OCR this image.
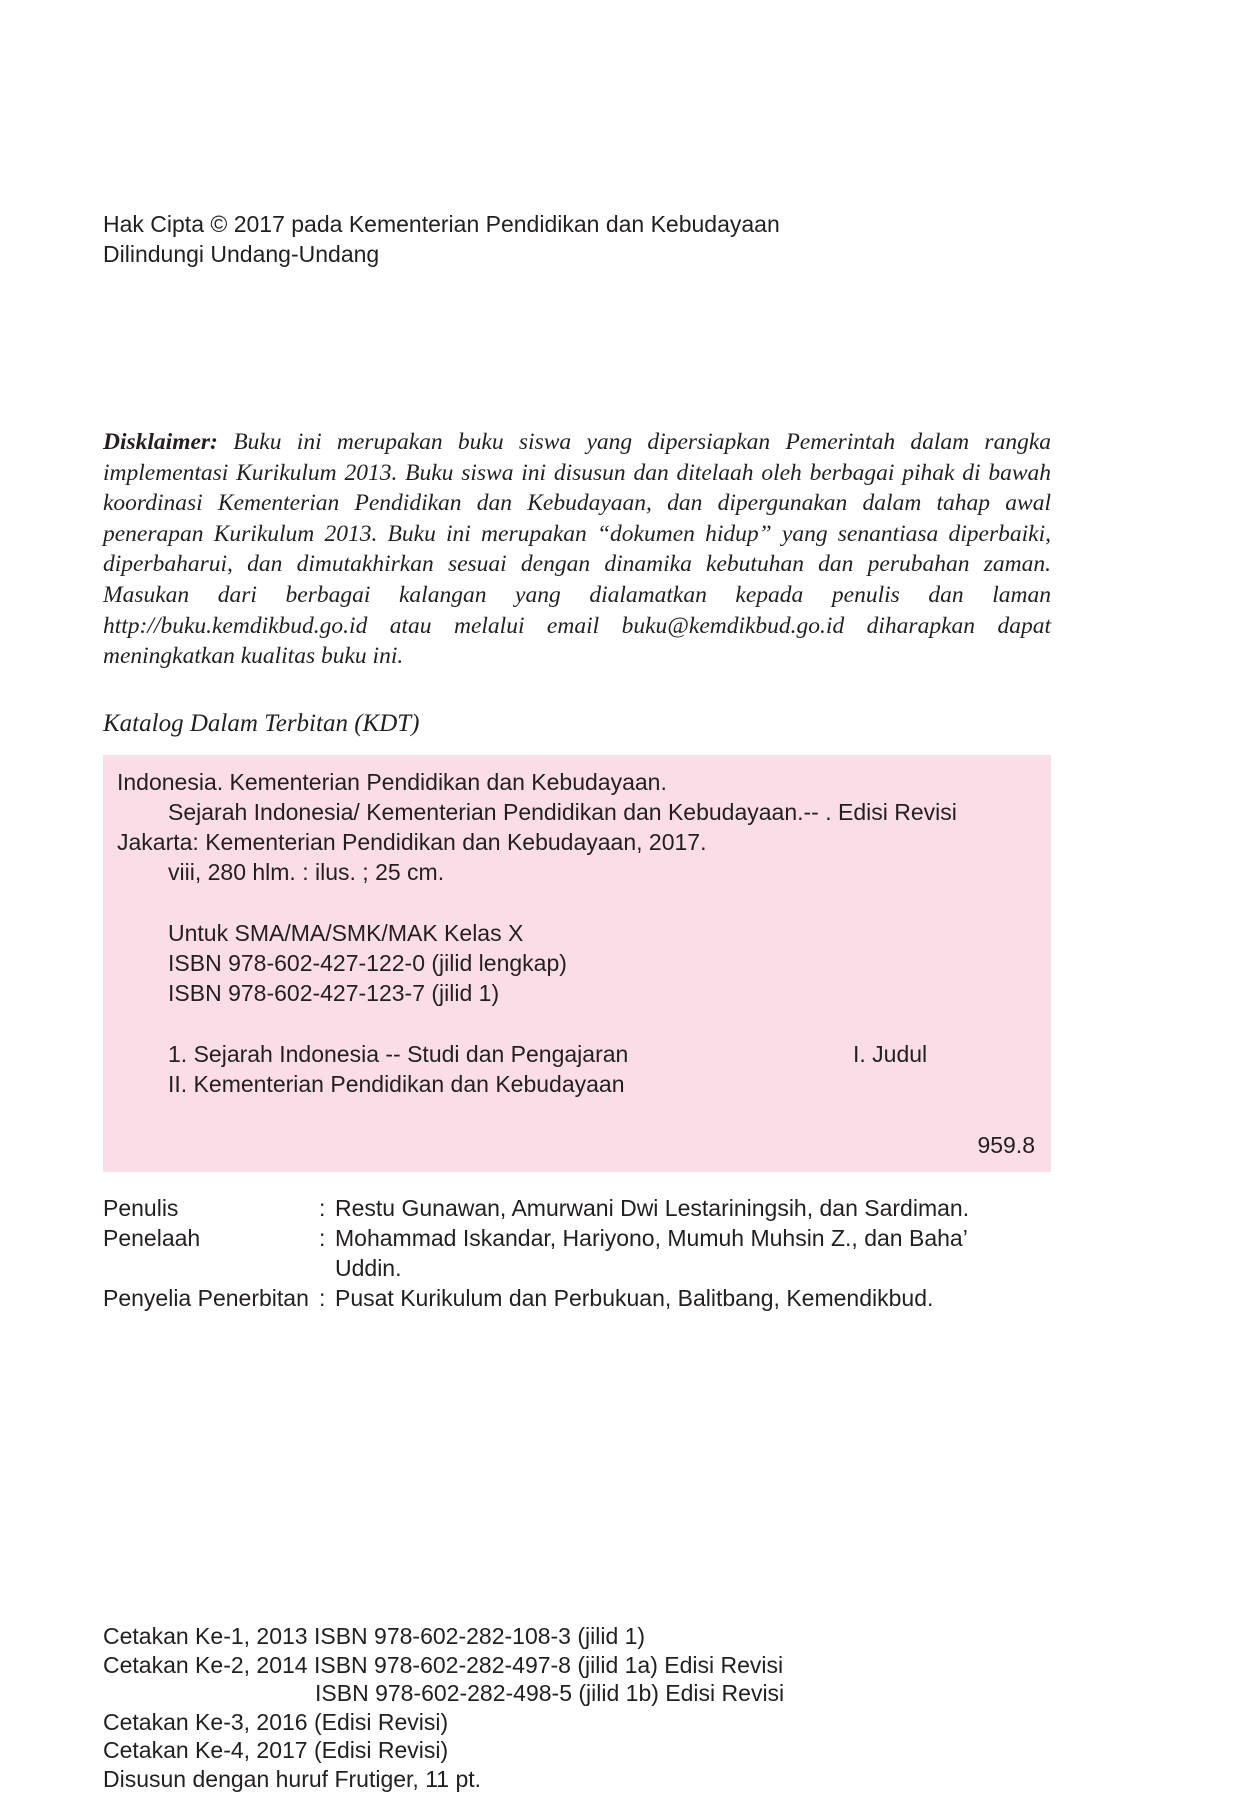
Hak Cipta © 2017 pada Kementerian Pendidikan dan Kebudayaan
Dilindungi Undang-Undang
Disklaimer: Buku ini merupakan buku siswa yang dipersiapkan Pemerintah dalam rangka implementasi Kurikulum 2013. Buku siswa ini disusun dan ditelaah oleh berbagai pihak di bawah koordinasi Kementerian Pendidikan dan Kebudayaan, dan dipergunakan dalam tahap awal penerapan Kurikulum 2013. Buku ini merupakan “dokumen hidup” yang senantiasa diperbaiki, diperbaharui, dan dimutakhirkan sesuai dengan dinamika kebutuhan dan perubahan zaman. Masukan dari berbagai kalangan yang dialamatkan kepada penulis dan laman http://buku.kemdikbud.go.id atau melalui email buku@kemdikbud.go.id diharapkan dapat meningkatkan kualitas buku ini.
Katalog Dalam Terbitan (KDT)
Indonesia. Kementerian Pendidikan dan Kebudayaan.
Sejarah Indonesia/ Kementerian Pendidikan dan Kebudayaan.-- . Edisi Revisi
Jakarta: Kementerian Pendidikan dan Kebudayaan, 2017.
viii, 280 hlm. : ilus. ; 25 cm.
Untuk SMA/MA/SMK/MAK Kelas X
ISBN 978-602-427-122-0 (jilid lengkap)
ISBN 978-602-427-123-7 (jilid 1)
1. Sejarah Indonesia -- Studi dan Pengajaran	I. Judul
II. Kementerian Pendidikan dan Kebudayaan
959.8
Penulis	: Restu Gunawan, Amurwani Dwi Lestariningsih, dan Sardiman.
Penelaah	: Mohammad Iskandar, Hariyono, Mumuh Muhsin Z., dan Baha’
Uddin.
Penyelia Penerbitan : Pusat Kurikulum dan Perbukuan, Balitbang, Kemendikbud.
Cetakan Ke-1, 2013 ISBN 978-602-282-108-3 (jilid 1)
Cetakan Ke-2, 2014 ISBN 978-602-282-497-8 (jilid 1a) Edisi Revisi
ISBN 978-602-282-498-5 (jilid 1b) Edisi Revisi
Cetakan Ke-3, 2016 (Edisi Revisi)
Cetakan Ke-4, 2017 (Edisi Revisi)
Disusun dengan huruf Frutiger, 11 pt.
